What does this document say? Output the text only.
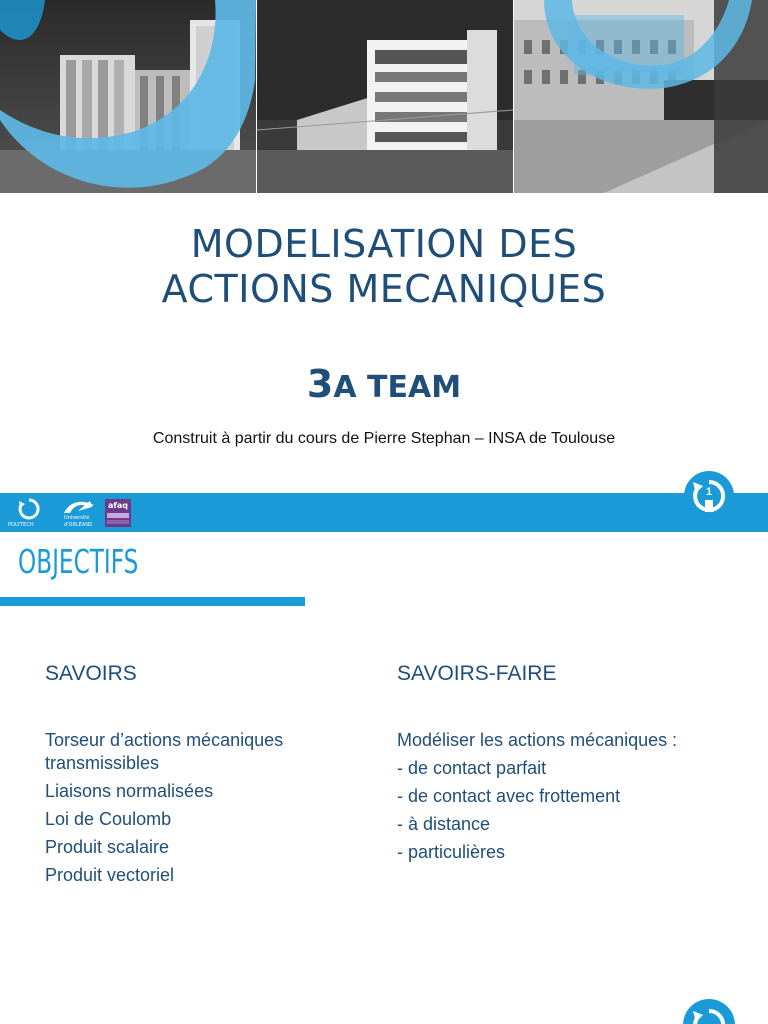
MODELISATION DES
ACTIONS MECANIQUES
3A TEAM
Construit à partir du cours de Pierre Stephan – INSA de Toulouse
POLYTECH
Université
d'ORLÉANS
afaq
1
OBJECTIFS
SAVOIRS
Torseur d’actions mécaniques transmissibles
Liaisons normalisées
Loi de Coulomb
Produit scalaire
Produit vectoriel
SAVOIRS-FAIRE
Modéliser les actions mécaniques :
- de contact parfait
- de contact avec frottement
- à distance
- particulières
